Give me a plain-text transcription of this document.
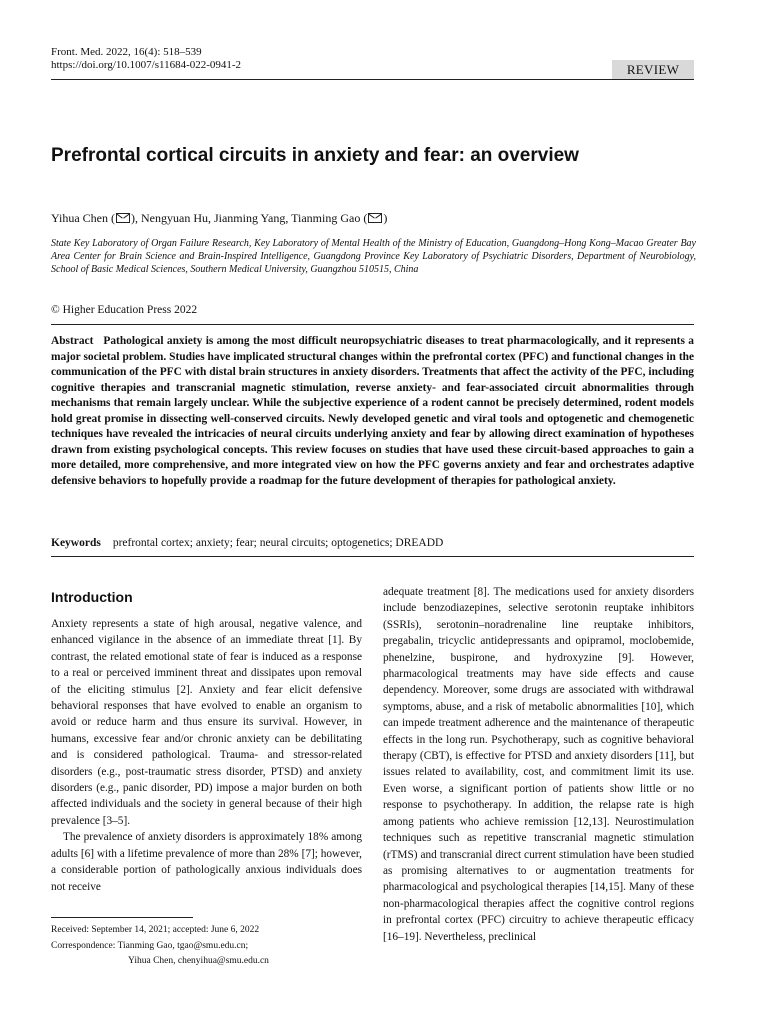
Front. Med. 2022, 16(4): 518–539
https://doi.org/10.1007/s11684-022-0941-2	REVIEW
Prefrontal cortical circuits in anxiety and fear: an overview
Yihua Chen ( ), Nengyuan Hu, Jianming Yang, Tianming Gao ( )
State Key Laboratory of Organ Failure Research, Key Laboratory of Mental Health of the Ministry of Education, Guangdong–Hong Kong–Macao Greater Bay Area Center for Brain Science and Brain-Inspired Intelligence, Guangdong Province Key Laboratory of Psychiatric Disorders, Department of Neurobiology, School of Basic Medical Sciences, Southern Medical University, Guangzhou 510515, China
© Higher Education Press 2022
Abstract Pathological anxiety is among the most difficult neuropsychiatric diseases to treat pharmacologically, and it represents a major societal problem. Studies have implicated structural changes within the prefrontal cortex (PFC) and functional changes in the communication of the PFC with distal brain structures in anxiety disorders. Treatments that affect the activity of the PFC, including cognitive therapies and transcranial magnetic stimulation, reverse anxiety- and fear-associated circuit abnormalities through mechanisms that remain largely unclear. While the subjective experience of a rodent cannot be precisely determined, rodent models hold great promise in dissecting well-conserved circuits. Newly developed genetic and viral tools and optogenetic and chemogenetic techniques have revealed the intricacies of neural circuits underlying anxiety and fear by allowing direct examination of hypotheses drawn from existing psychological concepts. This review focuses on studies that have used these circuit-based approaches to gain a more detailed, more comprehensive, and more integrated view on how the PFC governs anxiety and fear and orchestrates adaptive defensive behaviors to hopefully provide a roadmap for the future development of therapies for pathological anxiety.
Keywords prefrontal cortex; anxiety; fear; neural circuits; optogenetics; DREADD
Introduction

Anxiety represents a state of high arousal, negative valence, and enhanced vigilance in the absence of an immediate threat [1]. By contrast, the related emotional state of fear is induced as a response to a real or perceived imminent threat and dissipates upon removal of the eliciting stimulus [2]. Anxiety and fear elicit defensive behavioral responses that have evolved to enable an organism to avoid or reduce harm and thus ensure its survival. However, in humans, excessive fear and/or chronic anxiety can be debilitating and is considered pathological. Trauma- and stressor-related disorders (e.g., post-traumatic stress disorder, PTSD) and anxiety disorders (e.g., panic disorder, PD) impose a major burden on both affected individuals and the society in general because of their high prevalence [3–5].

The prevalence of anxiety disorders is approximately 18% among adults [6] with a lifetime prevalence of more than 28% [7]; however, a considerable portion of pathologically anxious individuals does not receive

adequate treatment [8]. The medications used for anxiety disorders include benzodiazepines, selective serotonin reuptake inhibitors (SSRIs), serotonin–noradrenaline line reuptake inhibitors, pregabalin, tricyclic antidepressants and opipramol, moclobemide, phenelzine, buspirone, and hydroxyzine [9]. However, pharmacological treatments may have side effects and cause dependency. Moreover, some drugs are associated with withdrawal symptoms, abuse, and a risk of metabolic abnormalities [10], which can impede treatment adherence and the maintenance of therapeutic effects in the long run. Psychotherapy, such as cognitive behavioral therapy (CBT), is effective for PTSD and anxiety disorders [11], but issues related to availability, cost, and commitment limit its use. Even worse, a significant portion of patients show little or no response to psychotherapy. In addition, the relapse rate is high among patients who achieve remission [12,13]. Neurostimulation techniques such as repetitive transcranial magnetic stimulation (rTMS) and transcranial direct current stimulation have been studied as promising alternatives to or augmentation treatments for pharmacological and psychological therapies [14,15]. Many of these non-pharmacological therapies affect the cognitive control regions in prefrontal cortex (PFC) circuitry to achieve therapeutic efficacy [16–19]. Nevertheless, preclinical

Received: September 14, 2021; accepted: June 6, 2022
Correspondence: Tianming Gao, tgao@smu.edu.cn;
Yihua Chen, chenyihua@smu.edu.cn
